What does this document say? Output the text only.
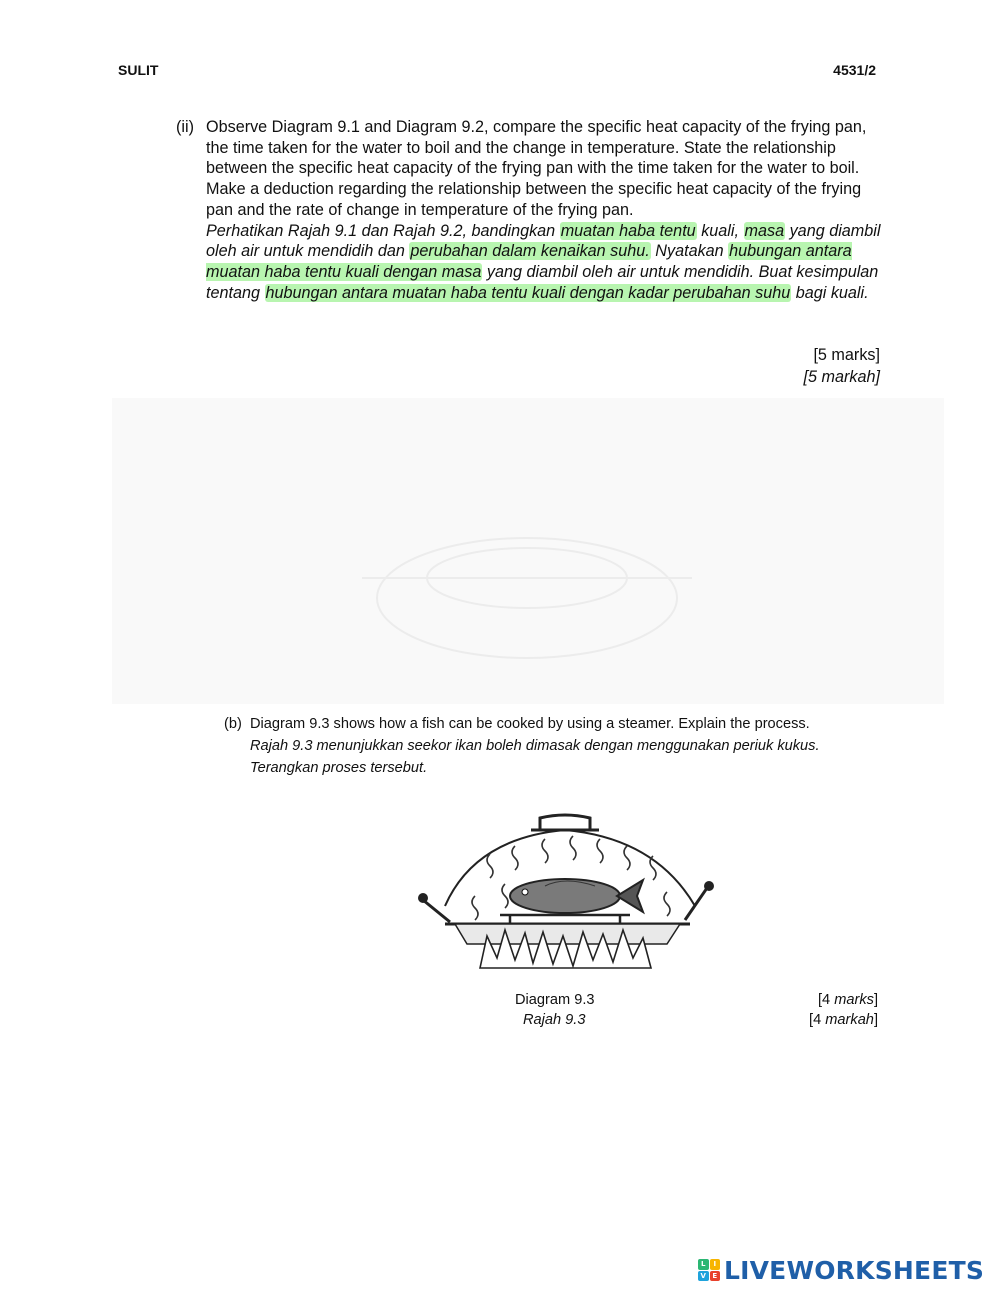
SULIT	4531/2
(ii) Observe Diagram 9.1 and Diagram 9.2, compare the specific heat capacity of the frying pan, the time taken for the water to boil and the change in temperature. State the relationship between the specific heat capacity of the frying pan with the time taken for the water to boil. Make a deduction regarding the relationship between the specific heat capacity of the frying pan and the rate of change in temperature of the frying pan.
Perhatikan Rajah 9.1 dan Rajah 9.2, bandingkan muatan haba tentu kuali, masa yang diambil oleh air untuk mendidih dan perubahan dalam kenaikan suhu. Nyatakan hubungan antara muatan haba tentu kuali dengan masa yang diambil oleh air untuk mendidih. Buat kesimpulan tentang hubungan antara muatan haba tentu kuali dengan kadar perubahan suhu bagi kuali.
[5 marks]
[5 markah]
(b) Diagram 9.3 shows how a fish can be cooked by using a steamer. Explain the process.
Rajah 9.3 menunjukkan seekor ikan boleh dimasak dengan menggunakan periuk kukus.
Terangkan proses tersebut.
Diagram 9.3
Rajah 9.3
[4 marks]
[4 markah]
L	I
V E LIVEWORKSHEETS
